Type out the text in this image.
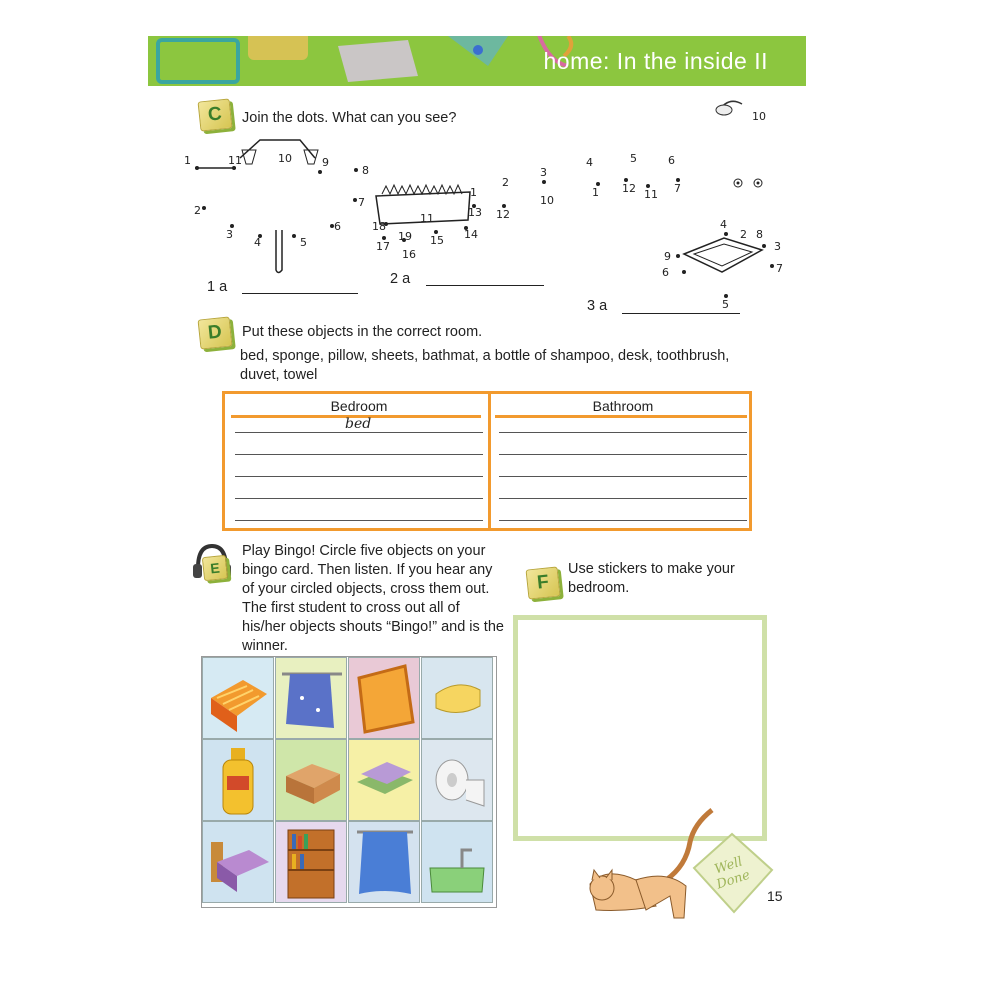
home: In the inside II
C	Join the dots. What can you see?	10
1	11	10	9
8
6
2
3
4	5
7
18
17
19
16
15
11
14
13
1
12
2
3
10
4	5	6
1 12 11 7
9
6
4
2 8
3
7
5
1 a	2 a
3 a
D	Put these objects in the correct room.
bed, sponge, pillow, sheets, bathmat, a bottle of shampoo, desk, toothbrush, duvet, towel
Bedroom	Bathroom
bed
E
Play Bingo! Circle five objects on your bingo card. Then listen. If you hear any of your circled objects, cross them out. The first student to cross out all of his/her objects shouts “Bingo!” and is the winner.
F
Use stickers to make your bedroom.
Well Done
15
